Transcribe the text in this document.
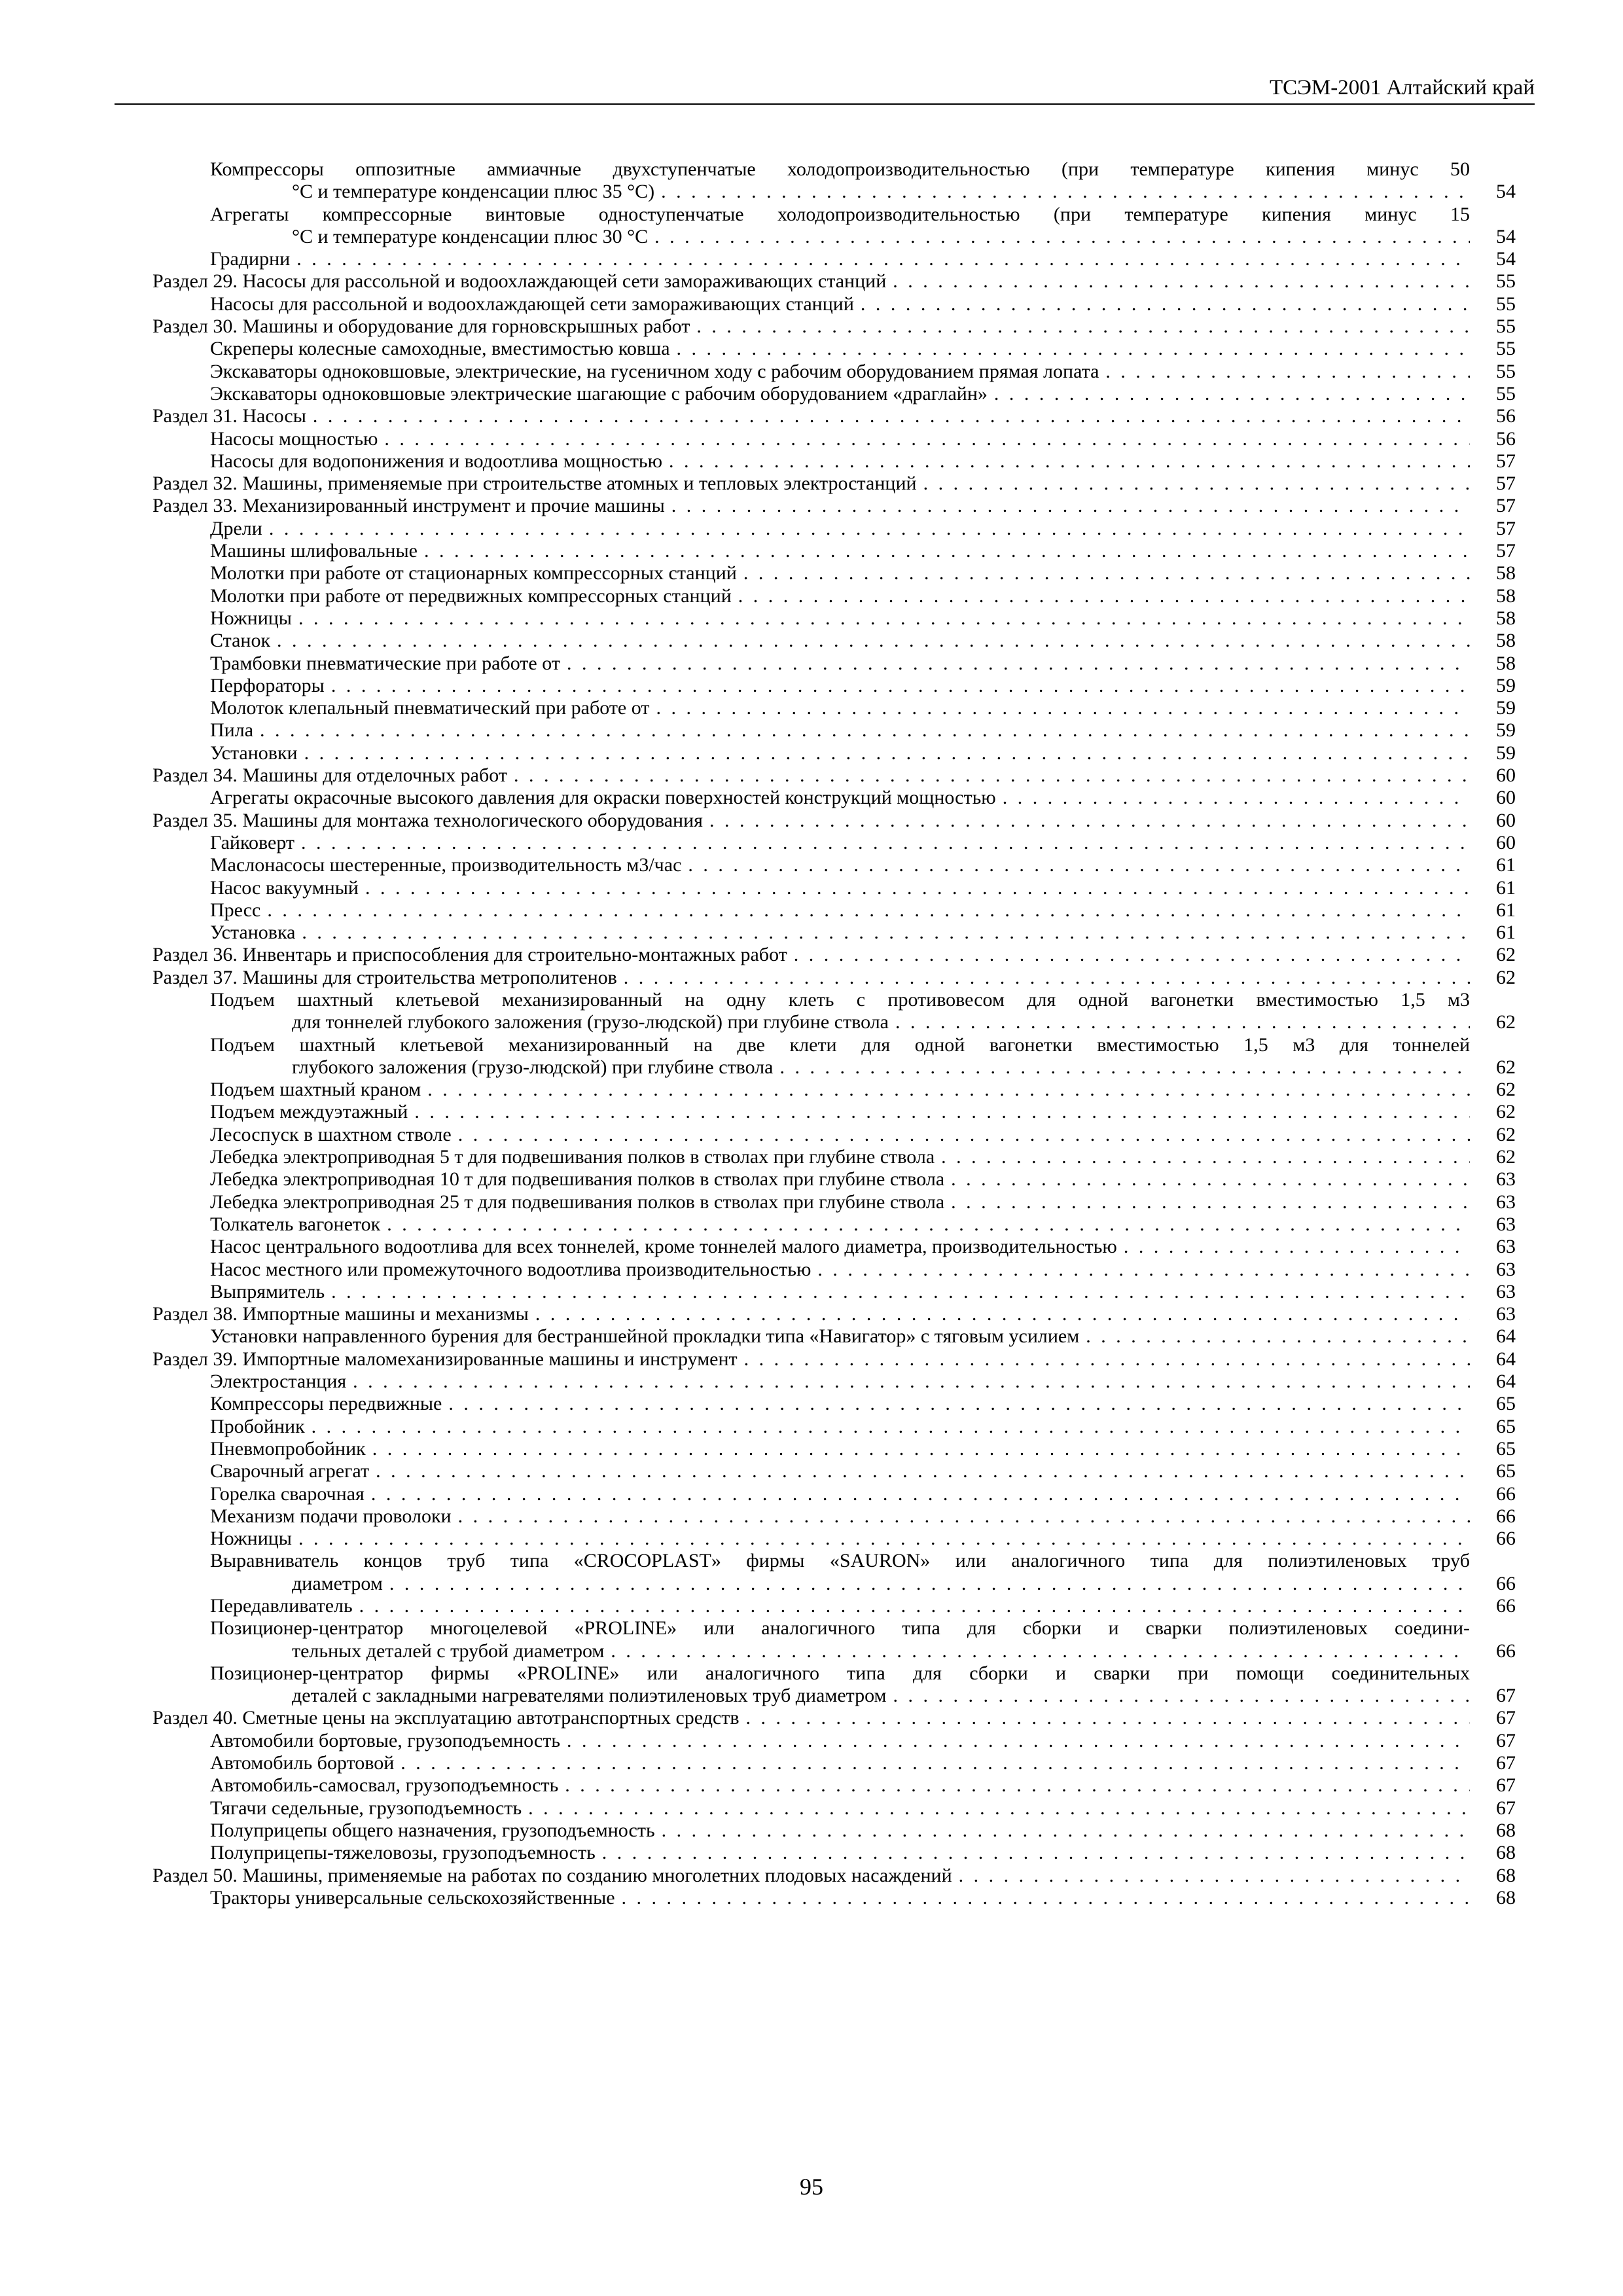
ТСЭМ-2001 Алтайский край
Компрессоры оппозитные аммиачные двухступенчатые холодопроизводительностью (при температуре кипения минус 50
°С и температуре конденсации плюс 35 °С) . . .	54
Агрегаты компрессорные винтовые одноступенчатые холодопроизводительностью (при температуре кипения минус 15
°С и температуре конденсации плюс 30 °С . . .	54
Градирни . . .	54
Раздел 29. Насосы для рассольной и водоохлаждающей сети замораживающих станций . . .	55
Насосы для рассольной и водоохлаждающей сети замораживающих станций . . .	55
Раздел 30. Машины и оборудование для горновскрышных работ . . .	55
Скреперы колесные самоходные, вместимостью ковша . . .	55
Экскаваторы одноковшовые, электрические, на гусеничном ходу с рабочим оборудованием прямая лопата . . .	55
Экскаваторы одноковшовые электрические шагающие с рабочим оборудованием «драглайн» . . .	55
Раздел 31. Насосы . . .	56
Насосы мощностью . . .	56
Насосы для водопонижения и водоотлива мощностью . . .	57
Раздел 32. Машины, применяемые при строительстве атомных и тепловых электростанций . . .	57
Раздел 33. Механизированный инструмент и прочие машины . . .	57
Дрели . . .	57
Машины шлифовальные . . .	57
Молотки при работе от стационарных компрессорных станций . . .	58
Молотки при работе от передвижных компрессорных станций . . .	58
Ножницы . . .	58
Станок . . .	58
Трамбовки пневматические при работе от . . .	58
Перфораторы . . .	59
Молоток клепальный пневматический при работе от . . .	59
Пила . . .	59
Установки . . .	59
Раздел 34. Машины для отделочных работ . . .	60
Агрегаты окрасочные высокого давления для окраски поверхностей конструкций мощностью . . .	60
Раздел 35. Машины для монтажа технологического оборудования . . .	60
Гайковерт . . .	60
Маслонасосы шестеренные, производительность м3/час . . .	61
Насос вакуумный . . .	61
Пресс . . .	61
Установка . . .	61
Раздел 36. Инвентарь и приспособления для строительно-монтажных работ . . .	62
Раздел 37. Машины для строительства метрополитенов . . .	62
Подъем шахтный клетьевой механизированный на одну клеть с противовесом для одной вагонетки вместимостью 1,5 м3
для тоннелей глубокого заложения (грузо-людской) при глубине ствола . . .	62
Подъем шахтный клетьевой механизированный на две клети для одной вагонетки вместимостью 1,5 м3 для тоннелей
глубокого заложения (грузо-людской) при глубине ствола . . .	62
Подъем шахтный краном . . .	62
Подъем междуэтажный . . .	62
Лесоспуск в шахтном стволе . . .	62
Лебедка электроприводная 5 т для подвешивания полков в стволах при глубине ствола . . .	62
Лебедка электроприводная 10 т для подвешивания полков в стволах при глубине ствола . . .	63
Лебедка электроприводная 25 т для подвешивания полков в стволах при глубине ствола . . .	63
Толкатель вагонеток . . .	63
Насос центрального водоотлива для всех тоннелей, кроме тоннелей малого диаметра, производительностью . . .	63
Насос местного или промежуточного водоотлива производительностью . . .	63
Выпрямитель . . .	63
Раздел 38. Импортные машины и механизмы . . .	63
Установки направленного бурения для бестраншейной прокладки типа «Навигатор» с тяговым усилием . . .	64
Раздел 39. Импортные маломеханизированные машины и инструмент . . .	64
Электростанция . . .	64
Компрессоры передвижные . . .	65
Пробойник . . .	65
Пневмопробойник . . .	65
Сварочный агрегат . . .	65
Горелка сварочная . . .	66
Механизм подачи проволоки . . .	66
Ножницы . . .	66
Выравниватель концов труб типа «CROCOPLAST» фирмы «SAURON» или аналогичного типа для полиэтиленовых труб
диаметром . . .	66
Передавливатель . . .	66
Позиционер-центратор многоцелевой «PROLINE» или аналогичного типа для сборки и сварки полиэтиленовых соедини-
тельных деталей с трубой диаметром . . .	66
Позиционер-центратор фирмы «PROLINE» или аналогичного типа для сборки и сварки при помощи соединительных
деталей с закладными нагревателями полиэтиленовых труб диаметром . . .	67
Раздел 40. Сметные цены на эксплуатацию автотранспортных средств . . .	67
Автомобили бортовые, грузоподъемность . . .	67
Автомобиль бортовой . . .	67
Автомобиль-самосвал, грузоподъемность . . .	67
Тягачи седельные, грузоподъемность . . .	67
Полуприцепы общего назначения, грузоподъемность . . .	68
Полуприцепы-тяжеловозы, грузоподъемность . . .	68
Раздел 50. Машины, применяемые на работах по созданию многолетних плодовых насаждений . . .	68
Тракторы универсальные сельскохозяйственные . . .	68
95
